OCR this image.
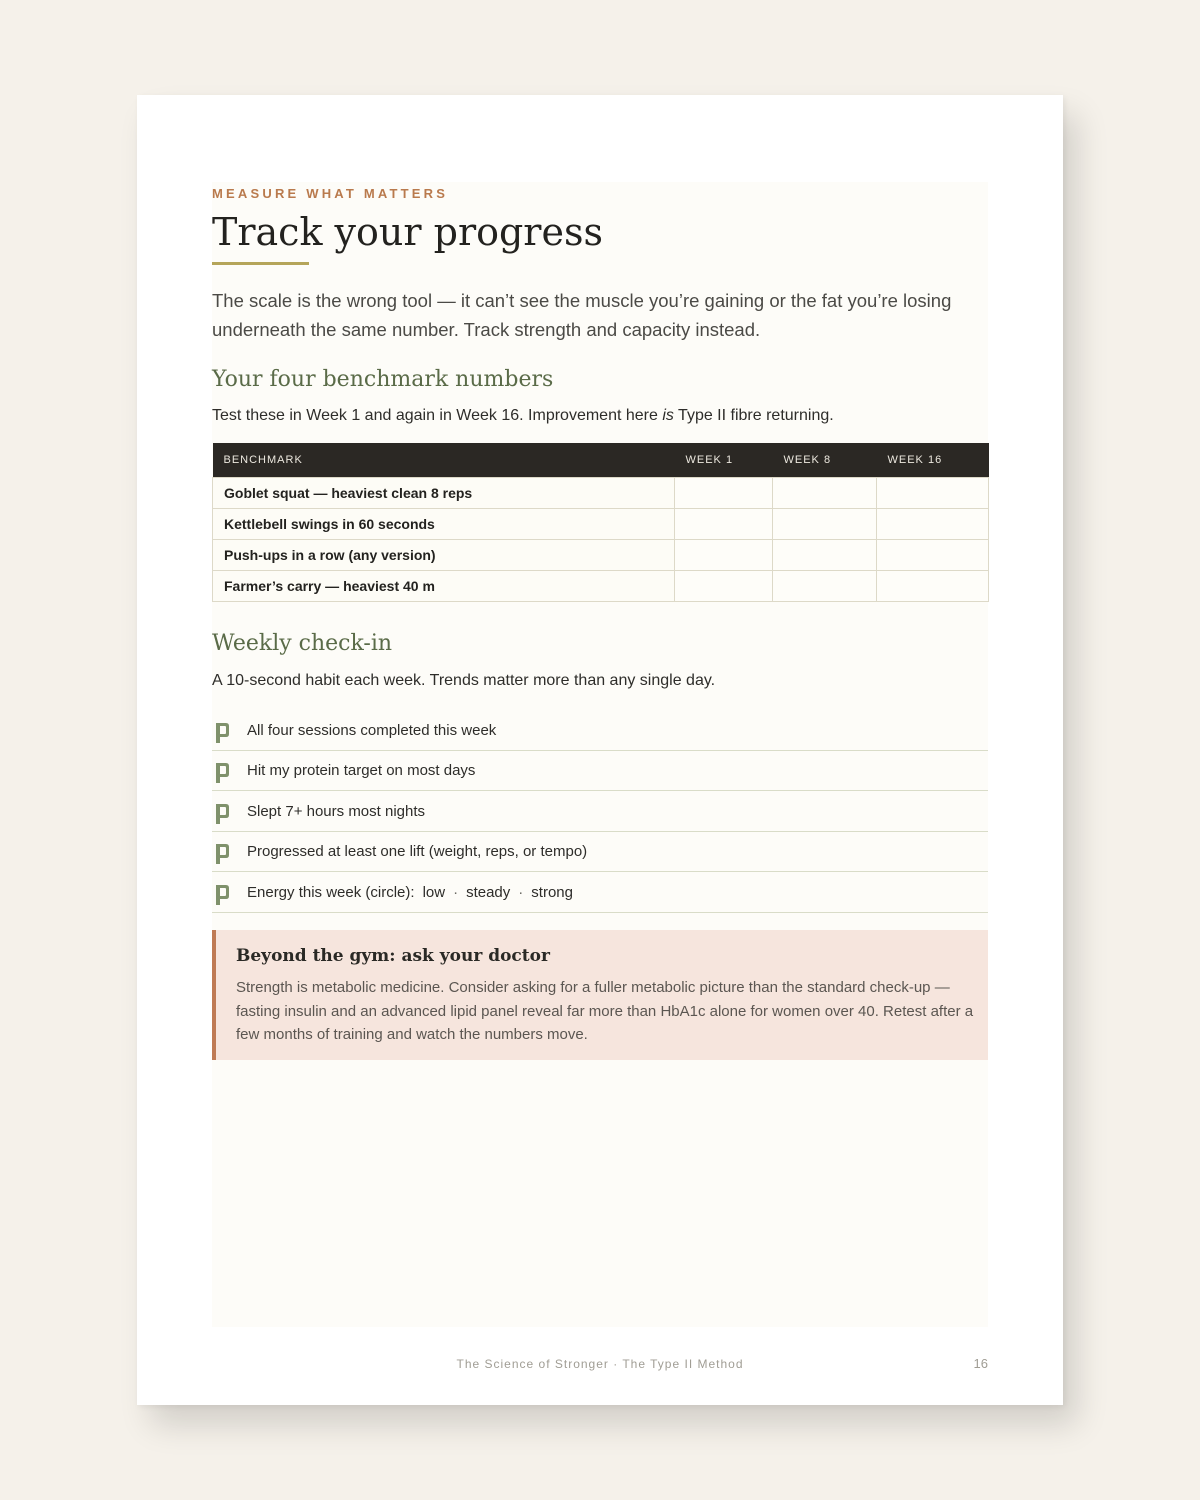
MEASURE WHAT MATTERS
Track your progress

The scale is the wrong tool — it can’t see the muscle you’re gaining or the fat you’re losing underneath the same number. Track strength and capacity instead.

Your four benchmark numbers
Test these in Week 1 and again in Week 16. Improvement here is Type II fibre returning.
BENCHMARK	WEEK 1	WEEK 8	WEEK 16
Goblet squat — heaviest clean 8 reps			
Kettlebell swings in 60 seconds			
Push-ups in a row (any version)			
Farmer’s carry — heaviest 40 m			
Weekly check-in
A 10-second habit each week. Trends matter more than any single day.
All four sessions completed this week
Hit my protein target on most days
Slept 7+ hours most nights
Progressed at least one lift (weight, reps, or tempo)
Energy this week (circle): low · steady · strong
Beyond the gym: ask your doctor

Strength is metabolic medicine. Consider asking for a fuller metabolic picture than the standard check-up — fasting insulin and an advanced lipid panel reveal far more than HbA1c alone for women over 40. Retest after a few months of training and watch the numbers move.

The Science of Stronger · The Type II Method	16
